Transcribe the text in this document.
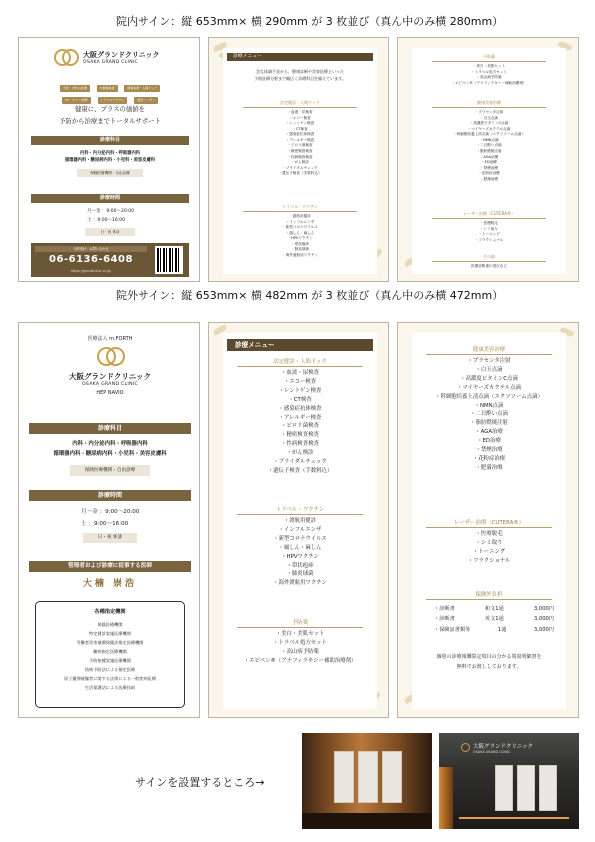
院内サイン：縦 653mm× 横 290mm が 3 枚並び（真ん中のみ横 280mm）
院外サイン：縦 653mm× 横 482mm が 3 枚並び（真ん中のみ横 472mm）
サインを設置するところ→
大阪グランドクリニック
OSAKA GRAND CLINIC
予防・内科の診療	内視鏡検査	健康診断・人間ドック
CT・エコー/診断	トラベルワクチン	美容レーザー
健康に、プラスの価値を
予防から治療までトータルサポート
診療科目
内科・内分泌内科・呼吸器内科
循環器内科・糖尿病内科・小児科・美容皮膚科
保険医療機関・自由診療
診療時間
月〜金 ：9:00〜20:00
土 ：9:00〜16:00
日・祝 休診
予約受付・お問い合わせ
06-6136-6408
https://grandclinic.or.jp/
診療メニュー
急な体調不良から、健康診断や美容医療といった
予防医療分野まで幅広く診療科目を揃えています。
法定健診・人間ドック
・血液・尿検査
・エコー検査
・レントゲン検査
・CT検査
・感染症抗体検査
・アレルギー検査
・ピロリ菌検査
・精密検査検査
・性病検査検査
・がん検診
・ブライダルチェック
・遺伝子検査（手数料込）
トラベル・ワクチン
・渡航用健診
・インフルエンザ
・新型コロナウイルス
・風しん・麻しん
・HPVワクチン
・帯状疱疹
・肺炎球菌
・海外渡航用ワクチン
予防薬
・美白・美肌セット
・トラベル処方セット
・高山病予防薬
・エピペン®（アナフィラキシー補助治療剤）
健康美容治療
・プラセンタ注射
・白玉点滴
・高濃度ビタミンC点滴
・マイヤーズカクテル点滴
・幹細胞培養上清点滴（エクソソーム点滴）
・NMN点滴
・二日酔い点滴
・脂肪燃焼注射
・AGA治療
・ED治療
・禁煙治療
・花粉症治療
・肥満治療
レーザー治療（CUTERA®）
・医療脱毛
・シミ取り
・トーニング
・フラクショナル
その他
医療診断書の発行など
医療法人 m.FORTH
大阪グランドクリニック
OSAKA GRAND CLINIC
HEP NAVIO
診療科目
内科・内分泌内科・呼吸器内科
循環器内科・糖尿病内科・小児科・美容皮膚科
保険医療機関・自由診療
診療時間
月〜金 ：9:00〜20:00
土 ：9:00〜16:00
日・祝 休診
管理者および診療に従事する医師
大楠 崇浩
各種指定機関
保険医療機関
特定健診実施医療機関
労働者災害補償保険法指定医療機関
難病指定医療機関
予防接種実施医療機関
結核予防法による指定医療
原子爆弾被爆者に関する法律による一般疾病医療
生活保護法による医療扶助
診療メニュー
法定健診・人間ドック
・血液・尿検査
・エコー検査
・レントゲン検査
・CT検査
・感染症抗体検査
・アレルギー検査
・ピロリ菌検査
・精密検査検査
・性病検査検査
・がん検診
・ブライダルチェック
・遺伝子検査（手数料込）
トラベル・ワクチン
・渡航用健診
・インフルエンザ
・新型コロナウイルス
・風しん・麻しん
・HPVワクチン
・帯状疱疹
・肺炎球菌
・海外渡航用ワクチン
予防薬
・美白・美肌セット
・トラベル処方セット
・高山病予防薬
・エピペン®（アナフィラキシー補助治療剤）
健康美容治療
・プラセンタ注射
・白玉点滴
・高濃度ビタミンC点滴
・マイヤーズカクテル点滴
・幹細胞培養上清点滴（エクソソーム点滴）
・NMN点滴
・二日酔い点滴
・脂肪燃焼注射
・AGA治療
・ED治療
・禁煙治療
・花粉症治療
・肥満治療
レーザー治療（CUTERA®）
・医療脱毛
・シミ取り
・トーニング
・フラクショナル
保険外負担
・診断書	和文1通	3,000円
・診断書	英文1通	3,000円
・保険証書類等	1通	3,000円
個別の診療報酬算定項目の分かる領収明細書を
無料でお渡ししております。
大阪グランドクリニック
OSAKA GRAND CLINIC
